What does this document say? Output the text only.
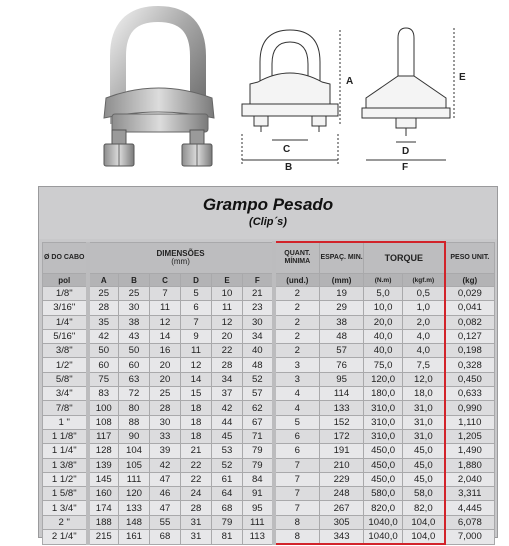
A
C
B
E
D
F
Grampo Pesado
(Clip´s)
Ø DO CABO	DIMENSÕES
(mm)						QUANT. MÍNIMA	ESPAÇ. MIN.	TORQUE		PESO UNIT.
pol	A	B	C	D	E	F	(und.)	(mm)	(N.m)	(kgf.m)	(kg)
1/8"	25	25	7	5	10	21	2	19	5,0	0,5	0,029
3/16"	28	30	11	6	11	23	2	29	10,0	1,0	0,041
1/4"	35	38	12	7	12	30	2	38	20,0	2,0	0,082
5/16"	42	43	14	9	20	34	2	48	40,0	4,0	0,127
3/8"	50	50	16	11	22	40	2	57	40,0	4,0	0,198
1/2"	60	60	20	12	28	48	3	76	75,0	7,5	0,328
5/8"	75	63	20	14	34	52	3	95	120,0	12,0	0,450
3/4"	83	72	25	15	37	57	4	114	180,0	18,0	0,633
7/8"	100	80	28	18	42	62	4	133	310,0	31,0	0,990
1 "	108	88	30	18	44	67	5	152	310,0	31,0	1,110
1 1/8"	117	90	33	18	45	71	6	172	310,0	31,0	1,205
1 1/4"	128	104	39	21	53	79	6	191	450,0	45,0	1,490
1 3/8"	139	105	42	22	52	79	7	210	450,0	45,0	1,880
1 1/2"	145	111	47	22	61	84	7	229	450,0	45,0	2,040
1 5/8"	160	120	46	24	64	91	7	248	580,0	58,0	3,311
1 3/4"	174	133	47	28	68	95	7	267	820,0	82,0	4,445
2 "	188	148	55	31	79	111	8	305	1040,0	104,0	6,078
2 1/4"	215	161	68	31	81	113	8	343	1040,0	104,0	7,000
